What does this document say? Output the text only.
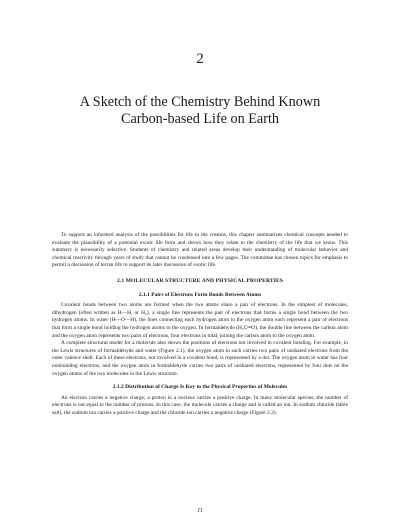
2
A Sketch of the Chemistry Behind Known
Carbon-based Life on Earth

To support an informed analysis of the possibilities for life in the cosmos, this chapter summarizes chemical concepts needed to evaluate the plausibility of a potential exotic life form and shows how they relate to the chemistry of the life that we know. This summary is necessarily selective. Students of chemistry and related areas develop their understanding of molecular behavior and chemical reactivity through years of study that cannot be condensed into a few pages. The committee has chosen topics for emphasis to permit a discussion of terran life to support its later discussion of exotic life.

2.1 MOLECULAR STRUCTURE AND PHYSICAL PROPERTIES
2.1.1 Pairs of Electrons Form Bonds Between Atoms

Covalent bonds between two atoms are formed when the two atoms share a pair of electrons. In the simplest of molecules, dihydrogen (often written as H—H, or H₂), a single line represents the pair of electrons that forms a single bond between the two hydrogen atoms. In water (H—O—H), the lines connecting each hydrogen atom to the oxygen atom each represent a pair of electrons that form a single bond holding the hydrogen atoms to the oxygen. In formaldehyde (H₂C═O), the double line between the carbon atom and the oxygen atom represents two pairs of electrons, four electrons in total, joining the carbon atom to the oxygen atom.

A complete structural model for a molecule also shows the positions of electrons not involved in covalent bonding. For example, in the Lewis structures of formaldehyde and water (Figure 2.1), the oxygen atom in each carries two pairs of unshared electrons from the outer valence shell. Each of these electrons, not involved in a covalent bond, is represented by a dot. The oxygen atom in water has four nonbonding electrons, and the oxygen atom in formaldehyde carries two pairs of unshared electrons, represented by four dots on the oxygen atoms of the two molecules in the Lewis structure.

2.1.2 Distribution of Charge Is Key to the Physical Properties of Molecules

An electron carries a negative charge; a proton in a nucleus carries a positive charge. In many molecular species, the number of electrons is not equal to the number of protons. In this case, the molecule carries a charge and is called an ion. In sodium chloride (table salt), the sodium ion carries a positive charge and the chloride ion carries a negative charge (Figure 2.2).

11
